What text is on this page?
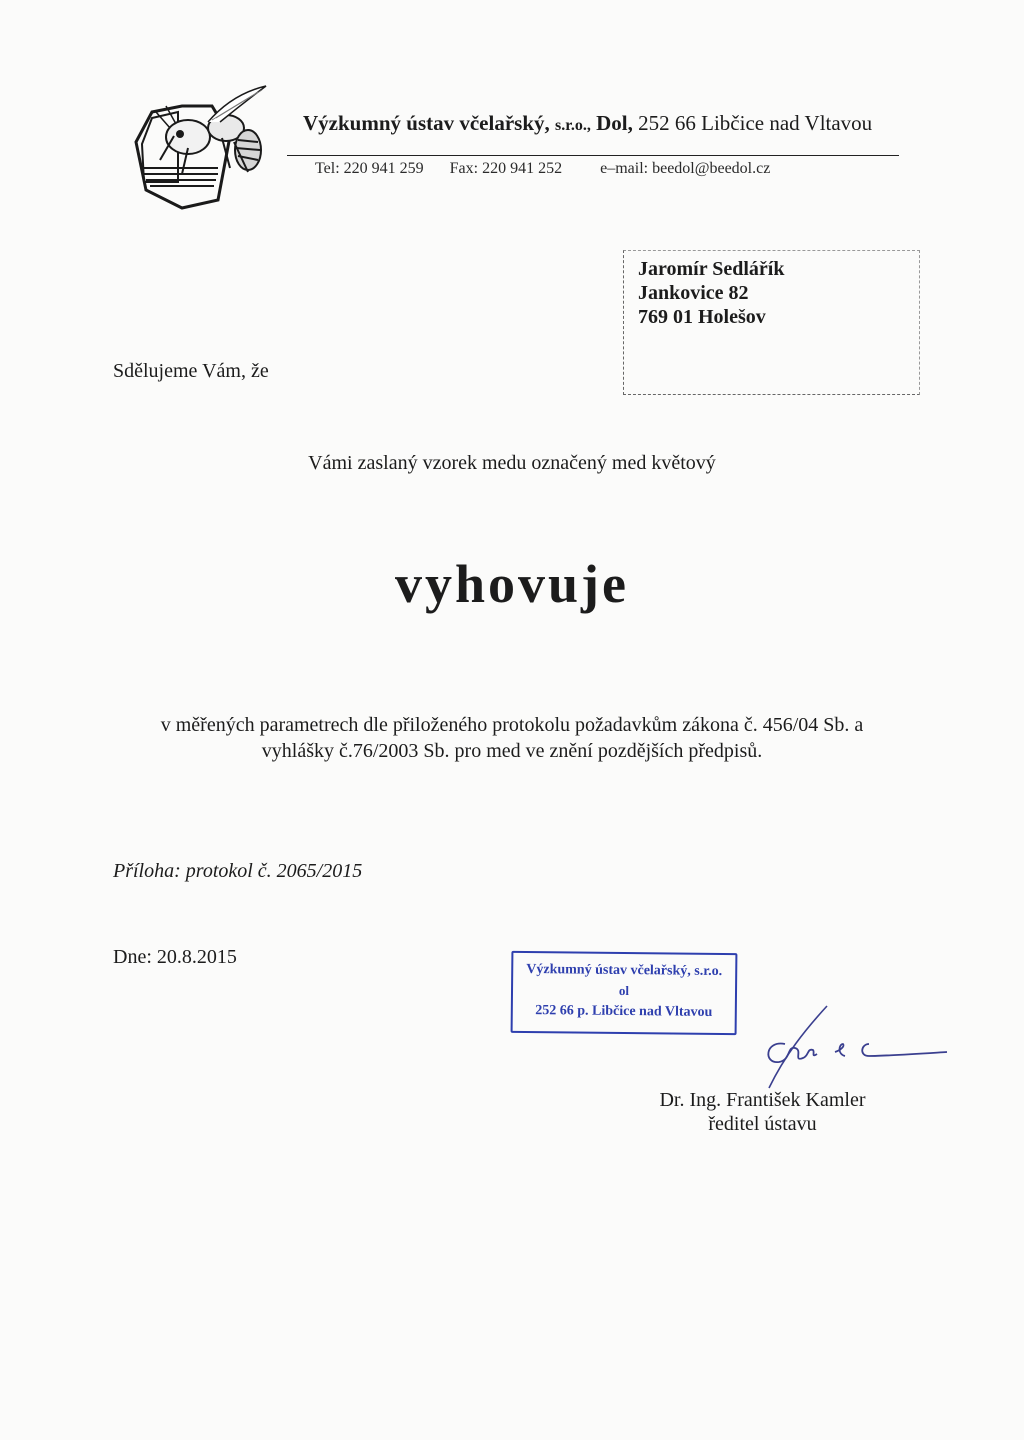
Výzkumný ústav včelařský, s.r.o., Dol, 252 66 Libčice nad Vltavou
Tel: 220 941 259 Fax: 220 941 252 e–mail: beedol@beedol.cz
Jaromír Sedlářík
Jankovice 82
769 01 Holešov
Sdělujeme Vám, že
Vámi zaslaný vzorek medu označený med květový
vyhovuje
v měřených parametrech dle přiloženého protokolu požadavkům zákona č. 456/04 Sb. a
vyhlášky č.76/2003 Sb. pro med ve znění pozdějších předpisů.
Příloha: protokol č. 2065/2015
Dne: 20.8.2015
Výzkumný ústav včelařský, s.r.o.
ol
252 66 p. Libčice nad Vltavou
Dr. Ing. František Kamler
ředitel ústavu
